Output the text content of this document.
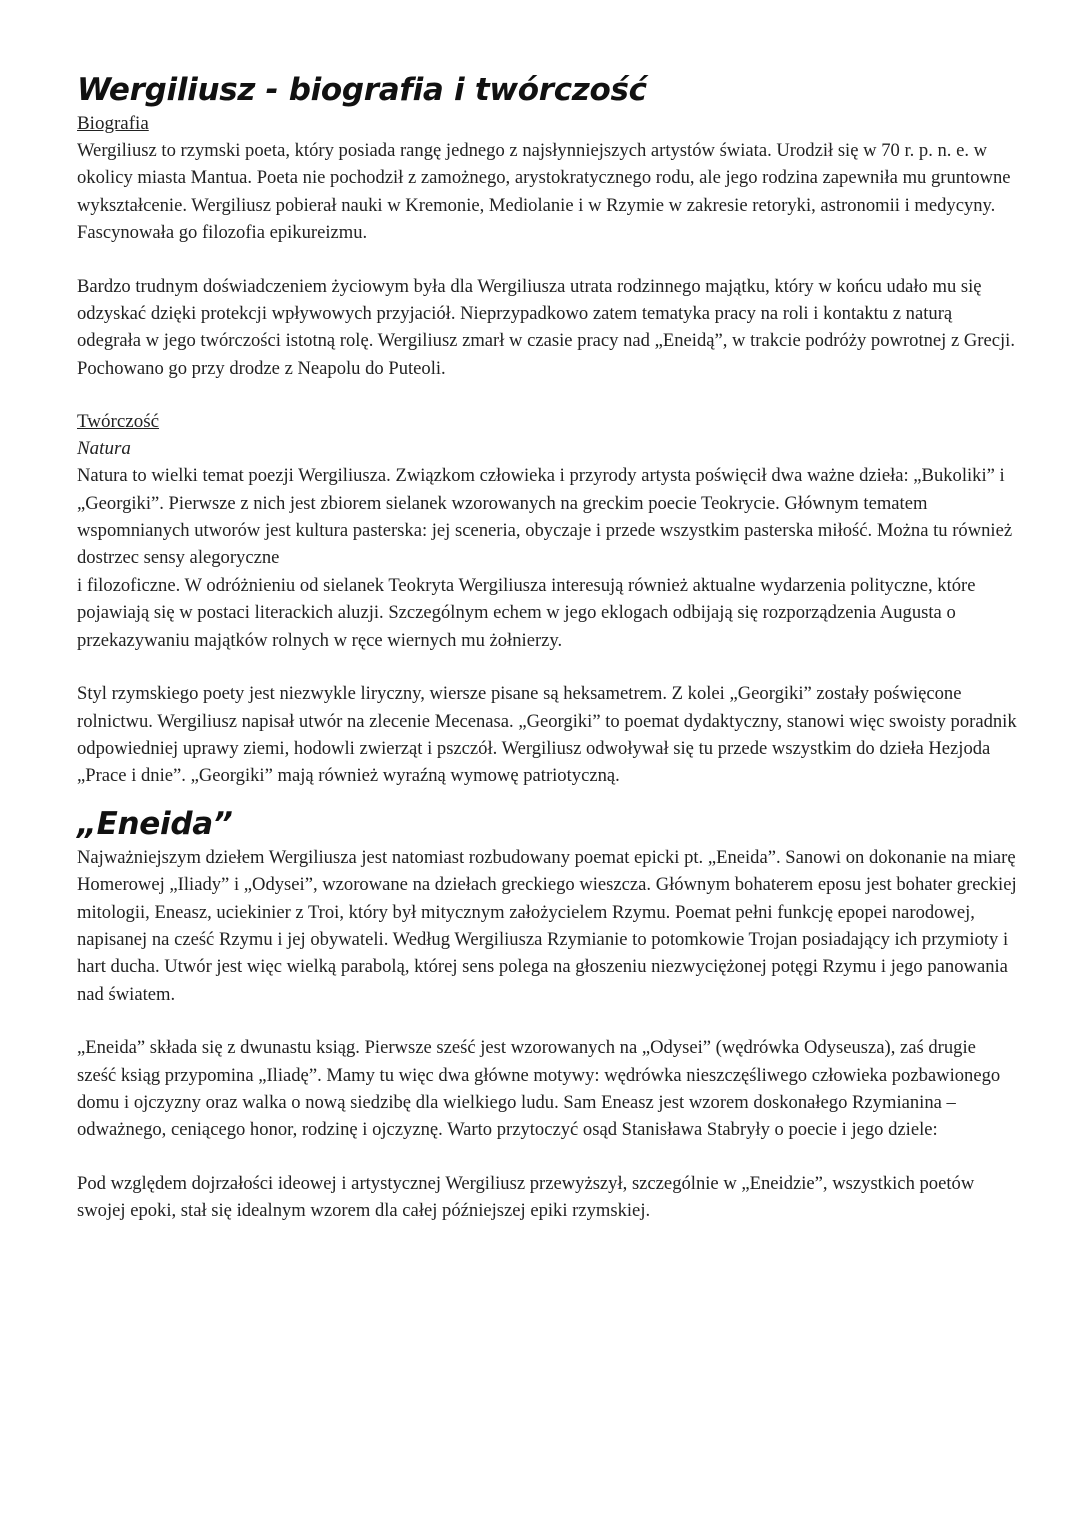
Wergiliusz - biografia i twórczość
Biografia

Wergiliusz to rzymski poeta, który posiada rangę jednego z najsłynniejszych artystów świata. Urodził się w 70 r. p. n. e. w okolicy miasta Mantua. Poeta nie pochodził z zamożnego, arystokratycznego rodu, ale jego rodzina zapewniła mu gruntowne wykształcenie. Wergiliusz pobierał nauki w Kremonie, Mediolanie i w Rzymie w zakresie retoryki, astronomii i medycyny. Fascynowała go filozofia epikureizmu.

Bardzo trudnym doświadczeniem życiowym była dla Wergiliusza utrata rodzinnego majątku, który w końcu udało mu się odzyskać dzięki protekcji wpływowych przyjaciół. Nieprzypadkowo zatem tematyka pracy na roli i kontaktu z naturą odegrała w jego twórczości istotną rolę. Wergiliusz zmarł w czasie pracy nad „Eneidą”, w trakcie podróży powrotnej z Grecji. Pochowano go przy drodze z Neapolu do Puteoli.

Twórczość
Natura

Natura to wielki temat poezji Wergiliusza. Związkom człowieka i przyrody artysta poświęcił dwa ważne dzieła: „Bukoliki” i „Georgiki”. Pierwsze z nich jest zbiorem sielanek wzorowanych na greckim poecie Teokrycie. Głównym tematem wspomnianych utworów jest kultura pasterska: jej sceneria, obyczaje i przede wszystkim pasterska miłość. Można tu również dostrzec sensy alegoryczne

i filozoficzne. W odróżnieniu od sielanek Teokryta Wergiliusza interesują również aktualne wydarzenia polityczne, które pojawiają się w postaci literackich aluzji. Szczególnym echem w jego eklogach odbijają się rozporządzenia Augusta o przekazywaniu majątków rolnych w ręce wiernych mu żołnierzy.

Styl rzymskiego poety jest niezwykle liryczny, wiersze pisane są heksametrem. Z kolei „Georgiki” zostały poświęcone rolnictwu. Wergiliusz napisał utwór na zlecenie Mecenasa. „Georgiki” to poemat dydaktyczny, stanowi więc swoisty poradnik odpowiedniej uprawy ziemi, hodowli zwierząt i pszczół. Wergiliusz odwoływał się tu przede wszystkim do dzieła Hezjoda „Prace i dnie”. „Georgiki” mają również wyraźną wymowę patriotyczną.

„Eneida”

Najważniejszym dziełem Wergiliusza jest natomiast rozbudowany poemat epicki pt. „Eneida”. Sanowi on dokonanie na miarę Homerowej „Iliady” i „Odysei”, wzorowane na dziełach greckiego wieszcza. Głównym bohaterem eposu jest bohater greckiej mitologii, Eneasz, uciekinier z Troi, który był mitycznym założycielem Rzymu. Poemat pełni funkcję epopei narodowej, napisanej na cześć Rzymu i jej obywateli. Według Wergiliusza Rzymianie to potomkowie Trojan posiadający ich przymioty i hart ducha. Utwór jest więc wielką parabolą, której sens polega na głoszeniu niezwyciężonej potęgi Rzymu i jego panowania nad światem.

„Eneida” składa się z dwunastu ksiąg. Pierwsze sześć jest wzorowanych na „Odysei” (wędrówka Odyseusza), zaś drugie sześć ksiąg przypomina „Iliadę”. Mamy tu więc dwa główne motywy: wędrówka nieszczęśliwego człowieka pozbawionego domu i ojczyzny oraz walka o nową siedzibę dla wielkiego ludu. Sam Eneasz jest wzorem doskonałego Rzymianina – odważnego, ceniącego honor, rodzinę i ojczyznę. Warto przytoczyć osąd Stanisława Stabryły o poecie i jego dziele:

Pod względem dojrzałości ideowej i artystycznej Wergiliusz przewyższył, szczególnie w „Eneidzie”, wszystkich poetów swojej epoki, stał się idealnym wzorem dla całej późniejszej epiki rzymskiej.
